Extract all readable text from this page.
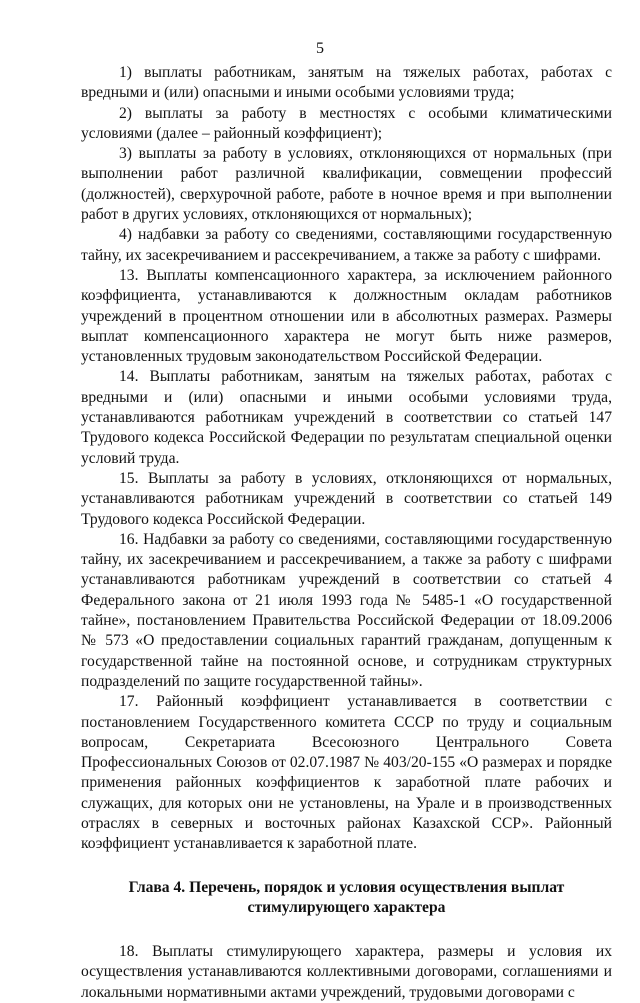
5

1) выплаты работникам, занятым на тяжелых работах, работах с вредными и (или) опасными и иными особыми условиями труда;

2) выплаты за работу в местностях с особыми климатическими условиями (далее – районный коэффициент);

3) выплаты за работу в условиях, отклоняющихся от нормальных (при выполнении работ различной квалификации, совмещении профессий (должностей), сверхурочной работе, работе в ночное время и при выполнении работ в других условиях, отклоняющихся от нормальных);

4) надбавки за работу со сведениями, составляющими государственную тайну, их засекречиванием и рассекречиванием, а также за работу с шифрами.

13. Выплаты компенсационного характера, за исключением районного коэффициента, устанавливаются к должностным окладам работников учреждений в процентном отношении или в абсолютных размерах. Размеры выплат компенсационного характера не могут быть ниже размеров, установленных трудовым законодательством Российской Федерации.

14. Выплаты работникам, занятым на тяжелых работах, работах с вредными и (или) опасными и иными особыми условиями труда, устанавливаются работникам учреждений в соответствии со статьей 147 Трудового кодекса Российской Федерации по результатам специальной оценки условий труда.

15. Выплаты за работу в условиях, отклоняющихся от нормальных, устанавливаются работникам учреждений в соответствии со статьей 149 Трудового кодекса Российской Федерации.

16. Надбавки за работу со сведениями, составляющими государственную тайну, их засекречиванием и рассекречиванием, а также за работу с шифрами устанавливаются работникам учреждений в соответствии со статьей 4 Федерального закона от 21 июля 1993 года № 5485-1 «О государственной тайне», постановлением Правительства Российской Федерации от 18.09.2006 № 573 «О предоставлении социальных гарантий гражданам, допущенным к государственной тайне на постоянной основе, и сотрудникам структурных подразделений по защите государственной тайны».

17. Районный коэффициент устанавливается в соответствии с постановлением Государственного комитета СССР по труду и социальным вопросам, Секретариата Всесоюзного Центрального Совета Профессиональных Союзов от 02.07.1987 № 403/20-155 «О размерах и порядке применения районных коэффициентов к заработной плате рабочих и служащих, для которых они не установлены, на Урале и в производственных отраслях в северных и восточных районах Казахской ССР». Районный коэффициент устанавливается к заработной плате.

Глава 4. Перечень, порядок и условия осуществления выплат
стимулирующего характера

18. Выплаты стимулирующего характера, размеры и условия их осуществления устанавливаются коллективными договорами, соглашениями и локальными нормативными актами учреждений, трудовыми договорами с
